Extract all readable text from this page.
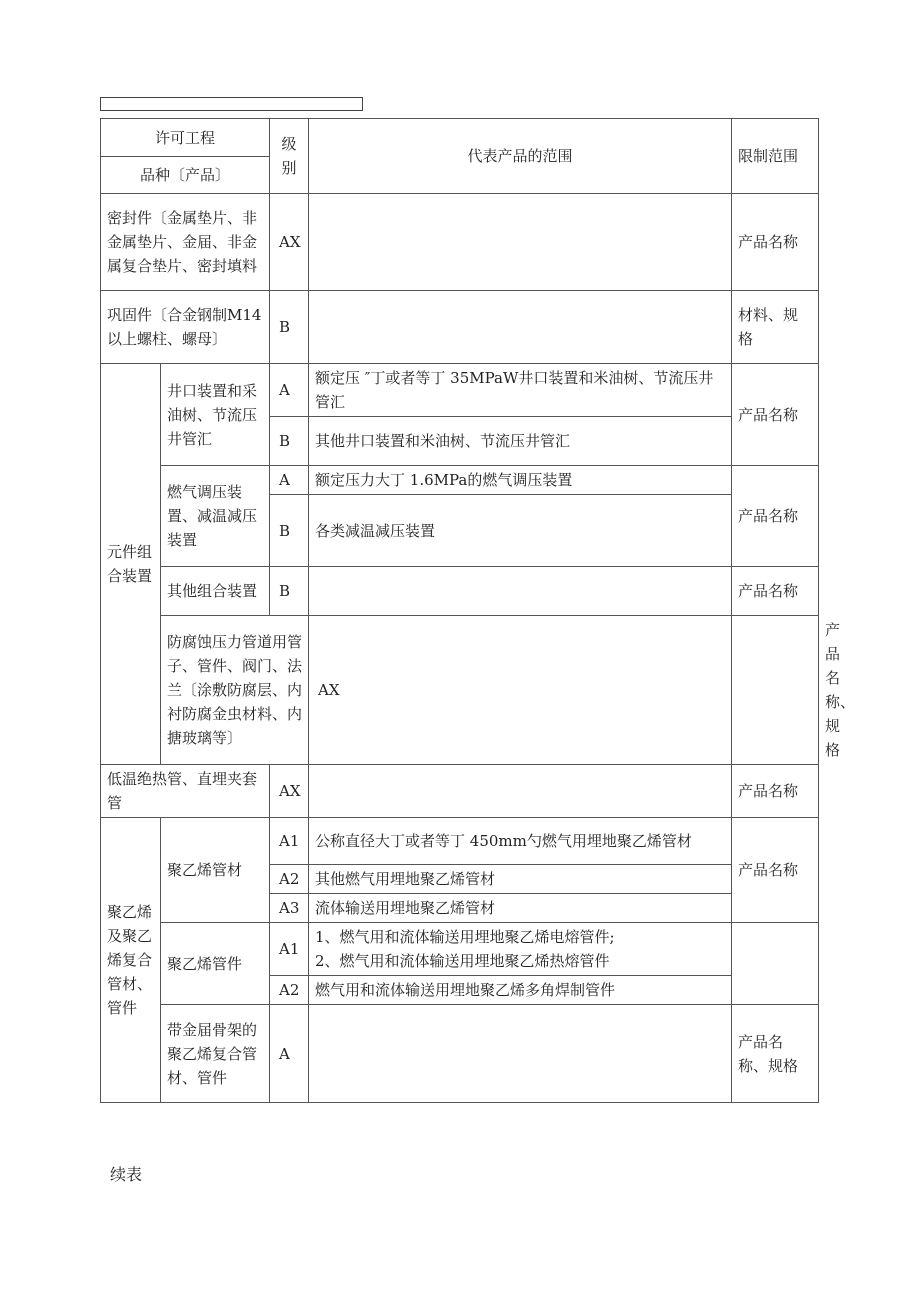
许可工程		级别	代表产品的范围	限制范围	
品种〔产品〕					
密封件〔金属垫片、非金属垫片、金届、非金属复合垫片、密封填料		AX		产品名称	
巩固件〔合金钢制M14以上螺柱、螺母〕		B		材料、规格	
元件组合装置	井口装置和采油树、节流压井管汇	A	额定压 ″丁或者等丁 35MPaW井口装置和米油树、节流压井管汇	产品名称	
		B	其他井口装置和米油树、节流压井管汇		
	燃气调压装置、减温减压装置	A	额定压力大丁 1.6MPa的燃气调压装置	产品名称	
		B	各类减温减压装置		
	其他组合装置	B		产品名称	
	防腐蚀压力管道用管子、管件、阀门、法兰〔涂敷防腐层、内衬防腐金虫材料、内搪玻璃等〕		AX		产品名称、规格
低温绝热管、直埋夹套管		AX		产品名称	
聚乙烯及聚乙烯复合管材、管件	聚乙烯管材	A1	公称直径大丁或者等丁 450mm勺燃气用埋地聚乙烯管材	产品名称	
		A2	其他燃气用埋地聚乙烯管材		
		A3	流体输送用埋地聚乙烯管材		
	聚乙烯管件	A1	1、燃气用和流体输送用埋地聚乙烯电熔管件;
2、燃气用和流体输送用埋地聚乙烯热熔管件		

		A2	燃气用和流体输送用埋地聚乙烯多角焊制管件		
	带金届骨架的聚乙烯复合管材、管件	A		产品名称、规格	
续表
